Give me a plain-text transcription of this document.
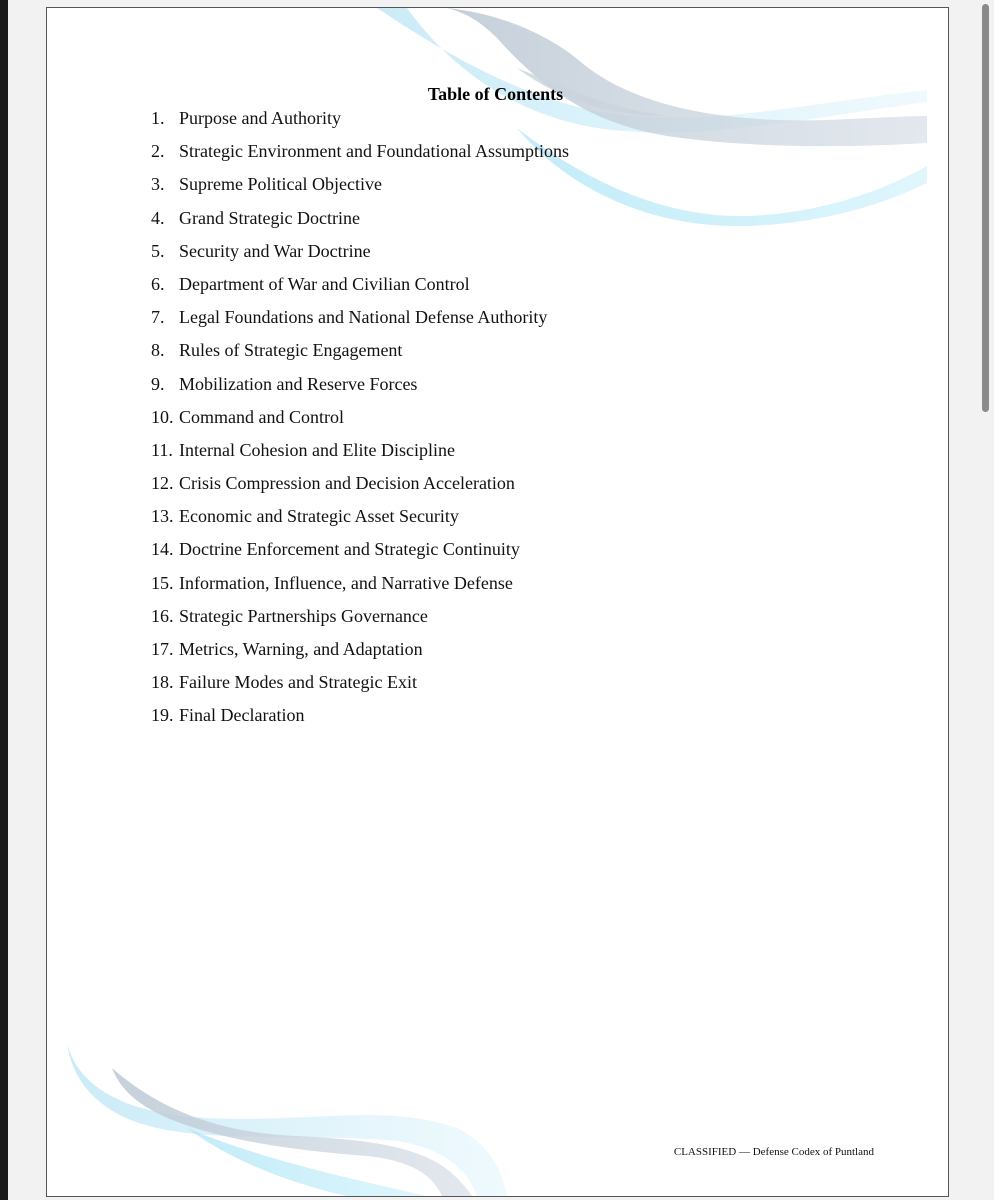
Table of Contents
1. Purpose and Authority
2. Strategic Environment and Foundational Assumptions
3. Supreme Political Objective
4. Grand Strategic Doctrine
5. Security and War Doctrine
6. Department of War and Civilian Control
7. Legal Foundations and National Defense Authority
8. Rules of Strategic Engagement
9. Mobilization and Reserve Forces
10. Command and Control
11. Internal Cohesion and Elite Discipline
12. Crisis Compression and Decision Acceleration
13. Economic and Strategic Asset Security
14. Doctrine Enforcement and Strategic Continuity
15. Information, Influence, and Narrative Defense
16. Strategic Partnerships Governance
17. Metrics, Warning, and Adaptation
18. Failure Modes and Strategic Exit
19. Final Declaration
CLASSIFIED — Defense Codex of Puntland
